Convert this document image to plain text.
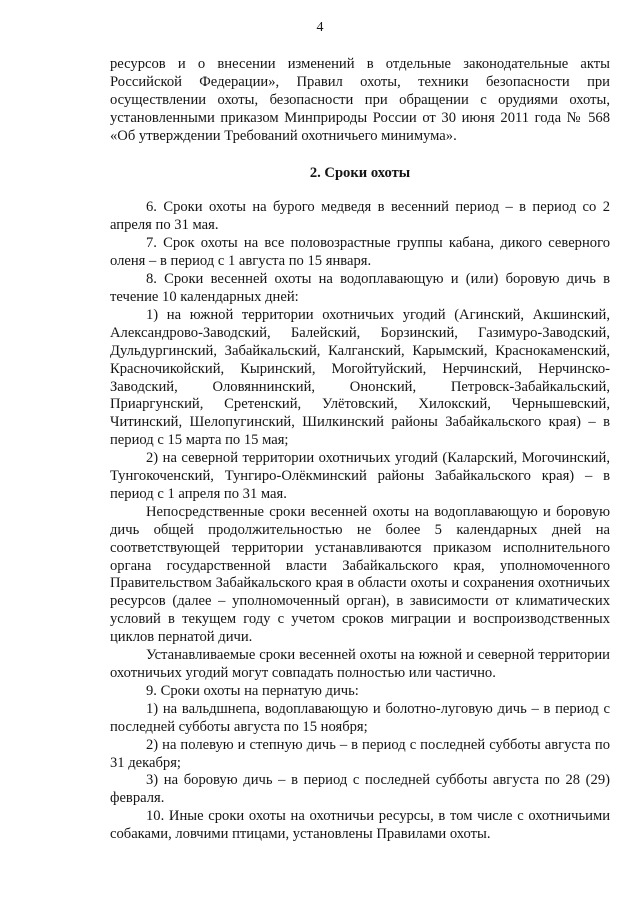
4

ресурсов и о внесении изменений в отдельные законодательные акты Российской Федерации», Правил охоты, техники безопасности при осуществлении охоты, безопасности при обращении с орудиями охоты, установленными приказом Минприроды России от 30 июня 2011 года № 568 «Об утверждении Требований охотничьего минимума».

2. Сроки охоты

6. Сроки охоты на бурого медведя в весенний период – в период со 2 апреля по 31 мая.

7. Срок охоты на все половозрастные группы кабана, дикого северного оленя – в период с 1 августа по 15 января.

8. Сроки весенней охоты на водоплавающую и (или) боровую дичь в течение 10 календарных дней:

1) на южной территории охотничьих угодий (Агинский, Акшинский, Александрово-Заводский, Балейский, Борзинский, Газимуро-Заводский, Дульдургинский, Забайкальский, Калганский, Карымский, Краснокаменский, Красночикойский, Кыринский, Могойтуйский, Нерчинский, Нерчинско-Заводский, Оловяннинский, Ононский, Петровск-Забайкальский, Приаргунский, Сретенский, Улётовский, Хилокский, Чернышевский, Читинский, Шелопугинский, Шилкинский районы Забайкальского края) – в период с 15 марта по 15 мая;

2) на северной территории охотничьих угодий (Каларский, Могочинский, Тунгокоченский, Тунгиро-Олёкминский районы Забайкальского края) – в период с 1 апреля по 31 мая.

Непосредственные сроки весенней охоты на водоплавающую и боровую дичь общей продолжительностью не более 5 календарных дней на соответствующей территории устанавливаются приказом исполнительного органа государственной власти Забайкальского края, уполномоченного Правительством Забайкальского края в области охоты и сохранения охотничьих ресурсов (далее – уполномоченный орган), в зависимости от климатических условий в текущем году с учетом сроков миграции и воспроизводственных циклов пернатой дичи.

Устанавливаемые сроки весенней охоты на южной и северной территории охотничьих угодий могут совпадать полностью или частично.

9. Сроки охоты на пернатую дичь:

1) на вальдшнепа, водоплавающую и болотно-луговую дичь – в период с последней субботы августа по 15 ноября;

2) на полевую и степную дичь – в период с последней субботы августа по 31 декабря;

3) на боровую дичь – в период с последней субботы августа по 28 (29) февраля.

10. Иные сроки охоты на охотничьи ресурсы, в том числе с охотничьими собаками, ловчими птицами, установлены Правилами охоты.
